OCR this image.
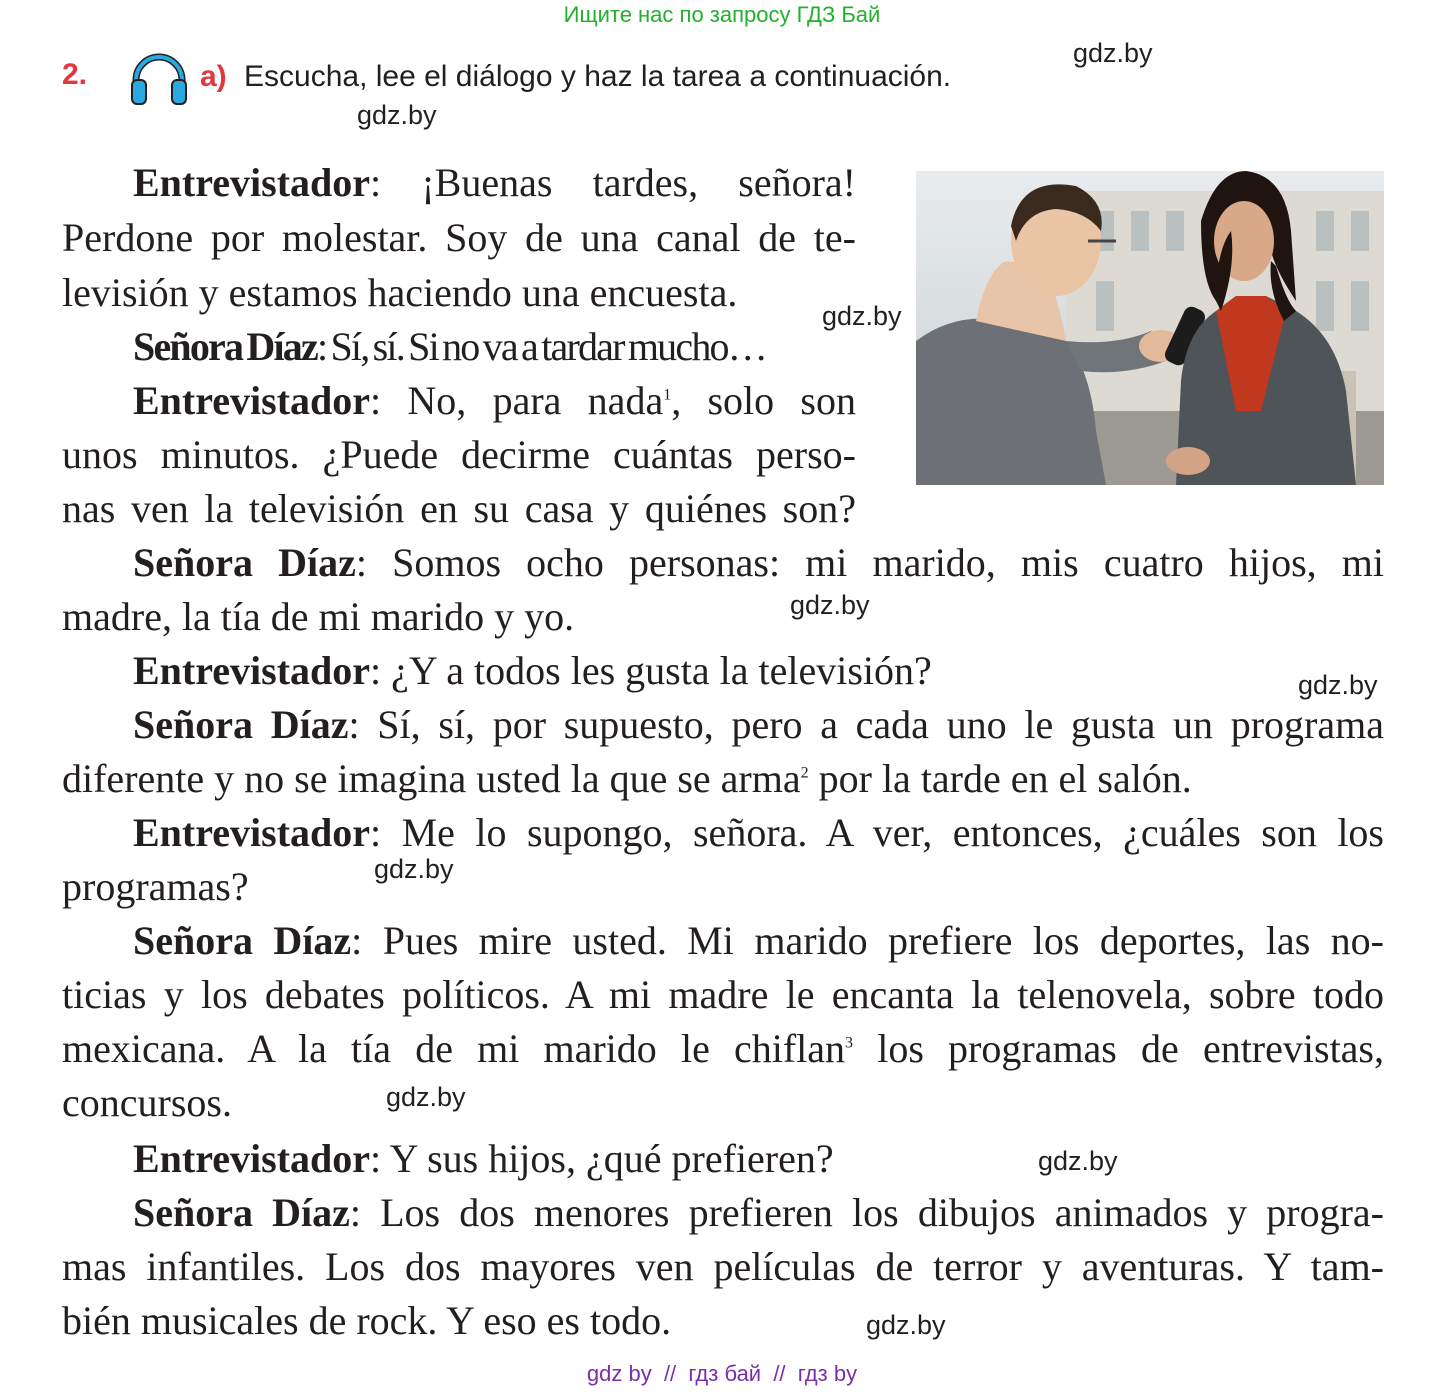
Ищите нас по запросу ГДЗ Бай
2.	a) Escucha, lee el diálogo y haz la tarea a continuación.
gdz.by
gdz.by
gdz.by
gdz.by
gdz.by
gdz.by
gdz.by
gdz.by
gdz.by
Entrevistador: ¡Buenas tardes, señora!
Perdone por molestar. Soy de una canal de te-
levisión y estamos haciendo una encuesta.
Señora Díaz: Sí, sí. Si no va a tardar mucho…
Entrevistador: No, para nada$^1$, solo son
unos minutos. ¿Puede decirme cuántas perso-
nas ven la televisión en su casa y quiénes son?
Señora Díaz: Somos ocho personas: mi marido, mis cuatro hijos, mi
madre, la tía de mi marido y yo.
Entrevistador: ¿Y a todos les gusta la televisión?
Señora Díaz: Sí, sí, por supuesto, pero a cada uno le gusta un programa
diferente y no se imagina usted la que se arma$^2$ por la tarde en el salón.
Entrevistador: Me lo supongo, señora. A ver, entonces, ¿cuáles son los
programas?
Señora Díaz: Pues mire usted. Mi marido prefiere los deportes, las no-
ticias y los debates políticos. A mi madre le encanta la telenovela, sobre todo
mexicana. A la tía de mi marido le chiflan$^3$ los programas de entrevistas,
concursos.
Entrevistador: Y sus hijos, ¿qué prefieren?
Señora Díaz: Los dos menores prefieren los dibujos animados y progra-
mas infantiles. Los dos mayores ven películas de terror y aventuras. Y tam-
bién musicales de rock. Y eso es todo.
gdz by  //  гдз бай  //  гдз by
